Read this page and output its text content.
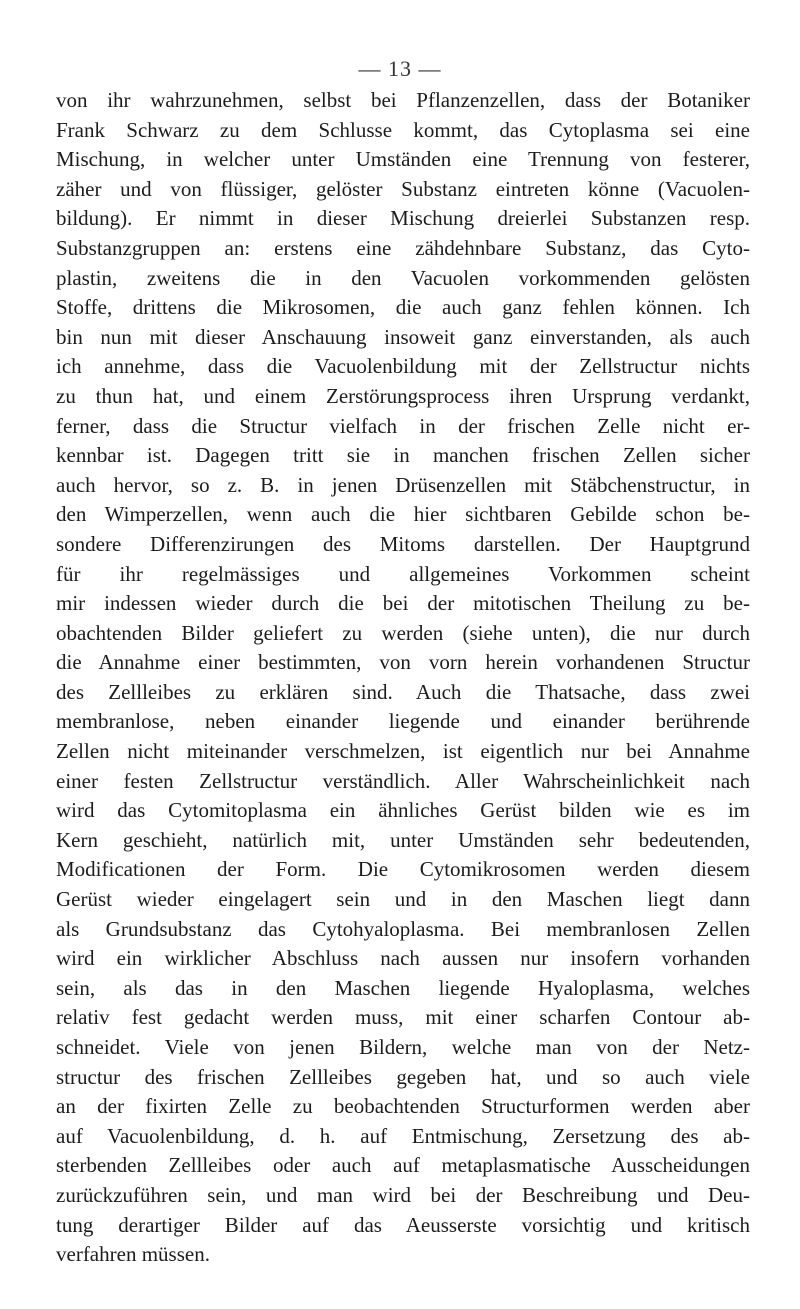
— 13 —
von ihr wahrzunehmen, selbst bei Pflanzenzellen, dass der Botaniker
Frank Schwarz zu dem Schlusse kommt, das Cytoplasma sei eine
Mischung, in welcher unter Umständen eine Trennung von festerer,
zäher und von flüssiger, gelöster Substanz eintreten könne (Vacuolen-
bildung). Er nimmt in dieser Mischung dreierlei Substanzen resp.
Substanzgruppen an: erstens eine zähdehnbare Substanz, das Cyto-
plastin, zweitens die in den Vacuolen vorkommenden gelösten
Stoffe, drittens die Mikrosomen, die auch ganz fehlen können. Ich
bin nun mit dieser Anschauung insoweit ganz einverstanden, als auch
ich annehme, dass die Vacuolenbildung mit der Zellstructur nichts
zu thun hat, und einem Zerstörungsprocess ihren Ursprung verdankt,
ferner, dass die Structur vielfach in der frischen Zelle nicht er-
kennbar ist. Dagegen tritt sie in manchen frischen Zellen sicher
auch hervor, so z. B. in jenen Drüsenzellen mit Stäbchenstructur, in
den Wimperzellen, wenn auch die hier sichtbaren Gebilde schon be-
sondere Differenzirungen des Mitoms darstellen. Der Hauptgrund
für ihr regelmässiges und allgemeines Vorkommen scheint
mir indessen wieder durch die bei der mitotischen Theilung zu be-
obachtenden Bilder geliefert zu werden (siehe unten), die nur durch
die Annahme einer bestimmten, von vorn herein vorhandenen Structur
des Zellleibes zu erklären sind. Auch die Thatsache, dass zwei
membranlose, neben einander liegende und einander berührende
Zellen nicht miteinander verschmelzen, ist eigentlich nur bei Annahme
einer festen Zellstructur verständlich. Aller Wahrscheinlichkeit nach
wird das Cytomitoplasma ein ähnliches Gerüst bilden wie es im
Kern geschieht, natürlich mit, unter Umständen sehr bedeutenden,
Modificationen der Form. Die Cytomikrosomen werden diesem
Gerüst wieder eingelagert sein und in den Maschen liegt dann
als Grundsubstanz das Cytohyaloplasma. Bei membranlosen Zellen
wird ein wirklicher Abschluss nach aussen nur insofern vorhanden
sein, als das in den Maschen liegende Hyaloplasma, welches
relativ fest gedacht werden muss, mit einer scharfen Contour ab-
schneidet. Viele von jenen Bildern, welche man von der Netz-
structur des frischen Zellleibes gegeben hat, und so auch viele
an der fixirten Zelle zu beobachtenden Structurformen werden aber
auf Vacuolenbildung, d. h. auf Entmischung, Zersetzung des ab-
sterbenden Zellleibes oder auch auf metaplasmatische Ausscheidungen
zurückzuführen sein, und man wird bei der Beschreibung und Deu-
tung derartiger Bilder auf das Aeusserste vorsichtig und kritisch
verfahren müssen.
